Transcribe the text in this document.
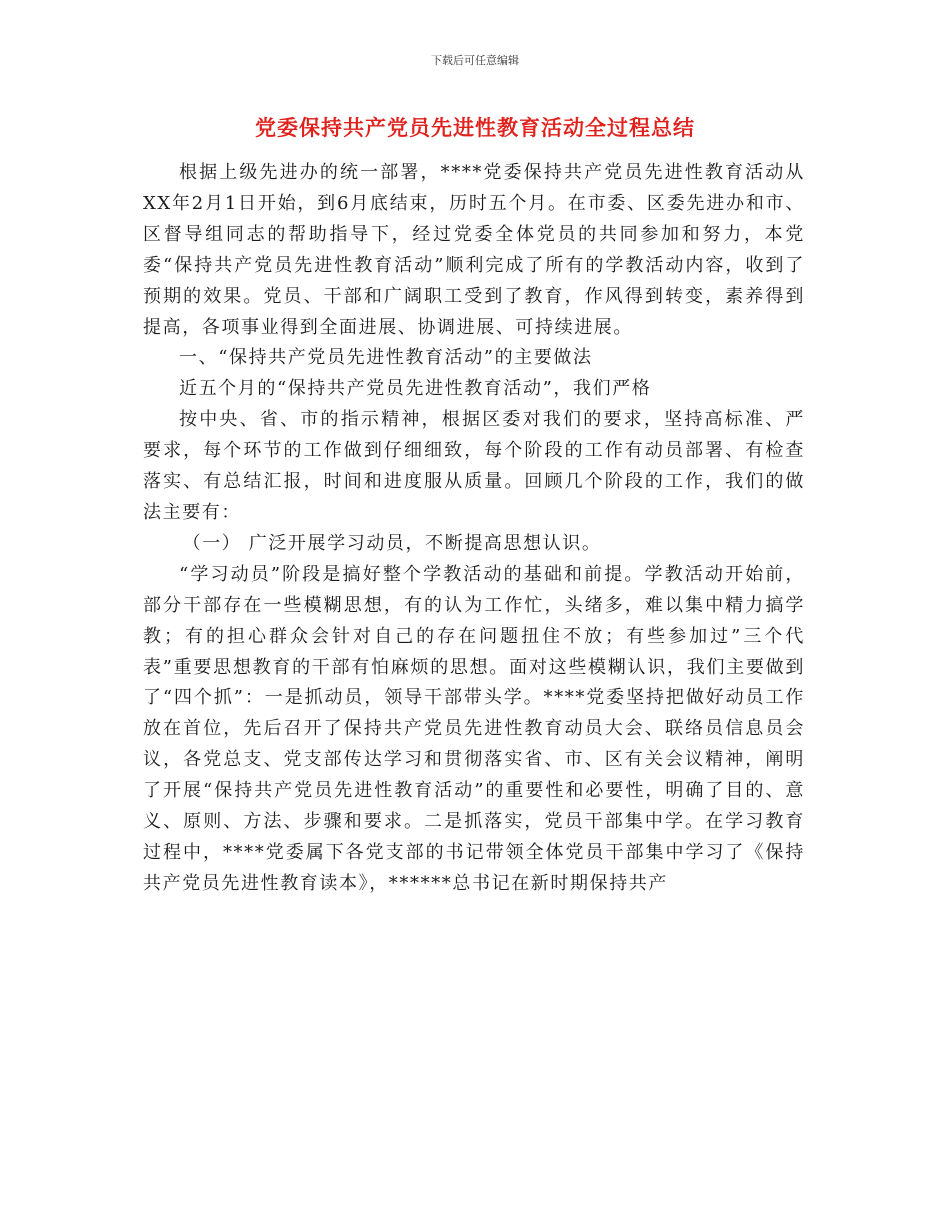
下载后可任意编辑
党委保持共产党员先进性教育活动全过程总结

根据上级先进办的统一部署，****党委保持共产党员先进性教育活动从XX年2月1日开始，到6月底结束，历时五个月。在市委、区委先进办和市、区督导组同志的帮助指导下，经过党委全体党员的共同参加和努力，本党委“保持共产党员先进性教育活动”顺利完成了所有的学教活动内容，收到了预期的效果。党员、干部和广阔职工受到了教育，作风得到转变，素养得到提高，各项事业得到全面进展、协调进展、可持续进展。

一、“保持共产党员先进性教育活动”的主要做法

近五个月的“保持共产党员先进性教育活动”，我们严格

按中央、省、市的指示精神，根据区委对我们的要求，坚持高标准、严要求，每个环节的工作做到仔细细致，每个阶段的工作有动员部署、有检查落实、有总结汇报，时间和进度服从质量。回顾几个阶段的工作，我们的做法主要有：

（一） 广泛开展学习动员，不断提高思想认识。

“学习动员”阶段是搞好整个学教活动的基础和前提。学教活动开始前，部分干部存在一些模糊思想，有的认为工作忙，头绪多，难以集中精力搞学教；有的担心群众会针对自己的存在问题扭住不放；有些参加过”三个代表”重要思想教育的干部有怕麻烦的思想。面对这些模糊认识，我们主要做到了“四个抓”：一是抓动员，领导干部带头学。****党委坚持把做好动员工作放在首位，先后召开了保持共产党员先进性教育动员大会、联络员信息员会议，各党总支、党支部传达学习和贯彻落实省、市、区有关会议精神，阐明了开展“保持共产党员先进性教育活动”的重要性和必要性，明确了目的、意义、原则、方法、步骤和要求。二是抓落实，党员干部集中学。在学习教育过程中，****党委属下各党支部的书记带领全体党员干部集中学习了《保持共产党员先进性教育读本》，******总书记在新时期保持共产
